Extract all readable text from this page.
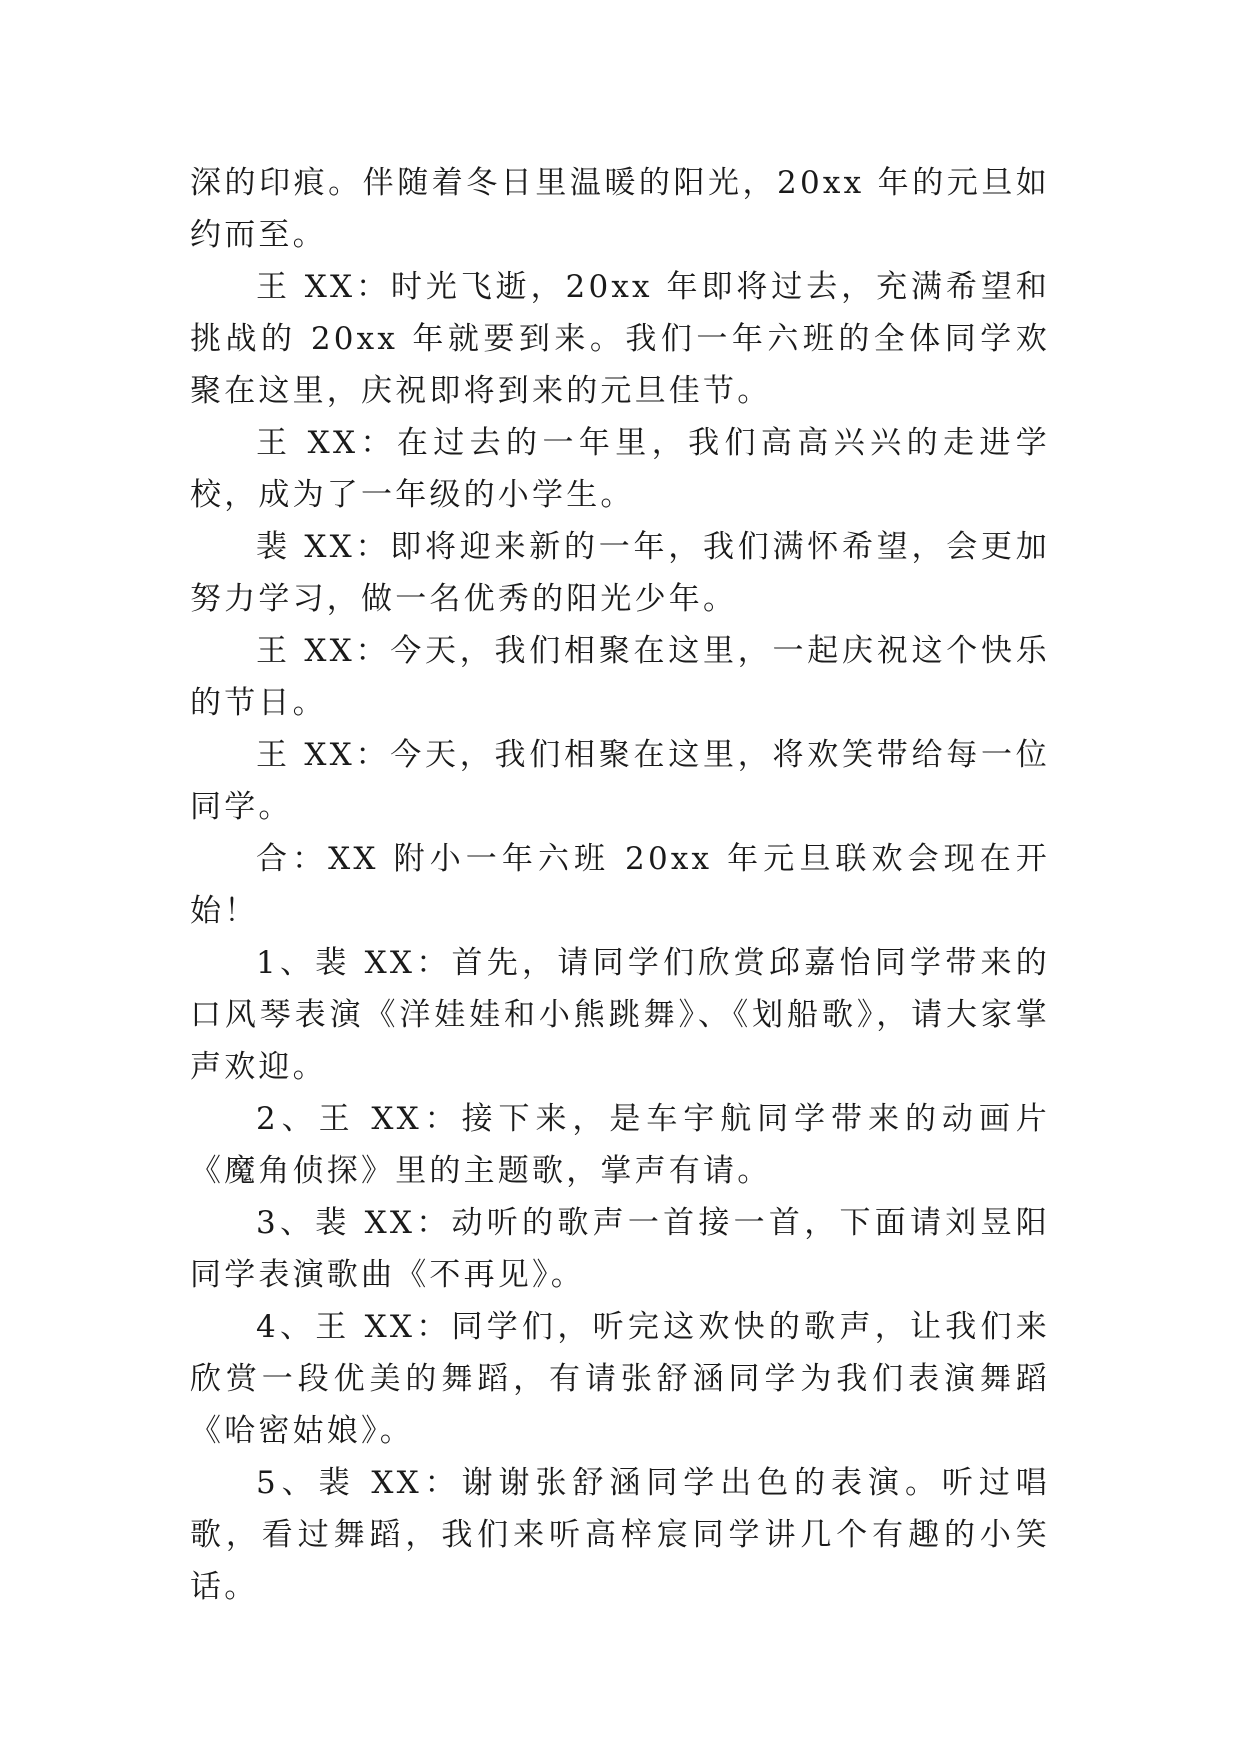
深的印痕。伴随着冬日里温暖的阳光，20xx 年的元旦如约而至。

王 XX：时光飞逝，20xx 年即将过去，充满希望和挑战的 20xx 年就要到来。我们一年六班的全体同学欢聚在这里，庆祝即将到来的元旦佳节。

王 XX：在过去的一年里，我们高高兴兴的走进学校，成为了一年级的小学生。

裴 XX：即将迎来新的一年，我们满怀希望，会更加努力学习，做一名优秀的阳光少年。

王 XX：今天，我们相聚在这里，一起庆祝这个快乐的节日。

王 XX：今天，我们相聚在这里，将欢笑带给每一位同学。

合：XX 附小一年六班 20xx 年元旦联欢会现在开始！

1、裴 XX：首先，请同学们欣赏邱嘉怡同学带来的口风琴表演《洋娃娃和小熊跳舞》、《划船歌》，请大家掌声欢迎。

2、王 XX：接下来，是车宇航同学带来的动画片《魔角侦探》里的主题歌，掌声有请。

3、裴 XX：动听的歌声一首接一首，下面请刘昱阳同学表演歌曲《不再见》。

4、王 XX：同学们，听完这欢快的歌声，让我们来欣赏一段优美的舞蹈，有请张舒涵同学为我们表演舞蹈《哈密姑娘》。

5、裴 XX：谢谢张舒涵同学出色的表演。听过唱歌，看过舞蹈，我们来听高梓宸同学讲几个有趣的小笑话。
